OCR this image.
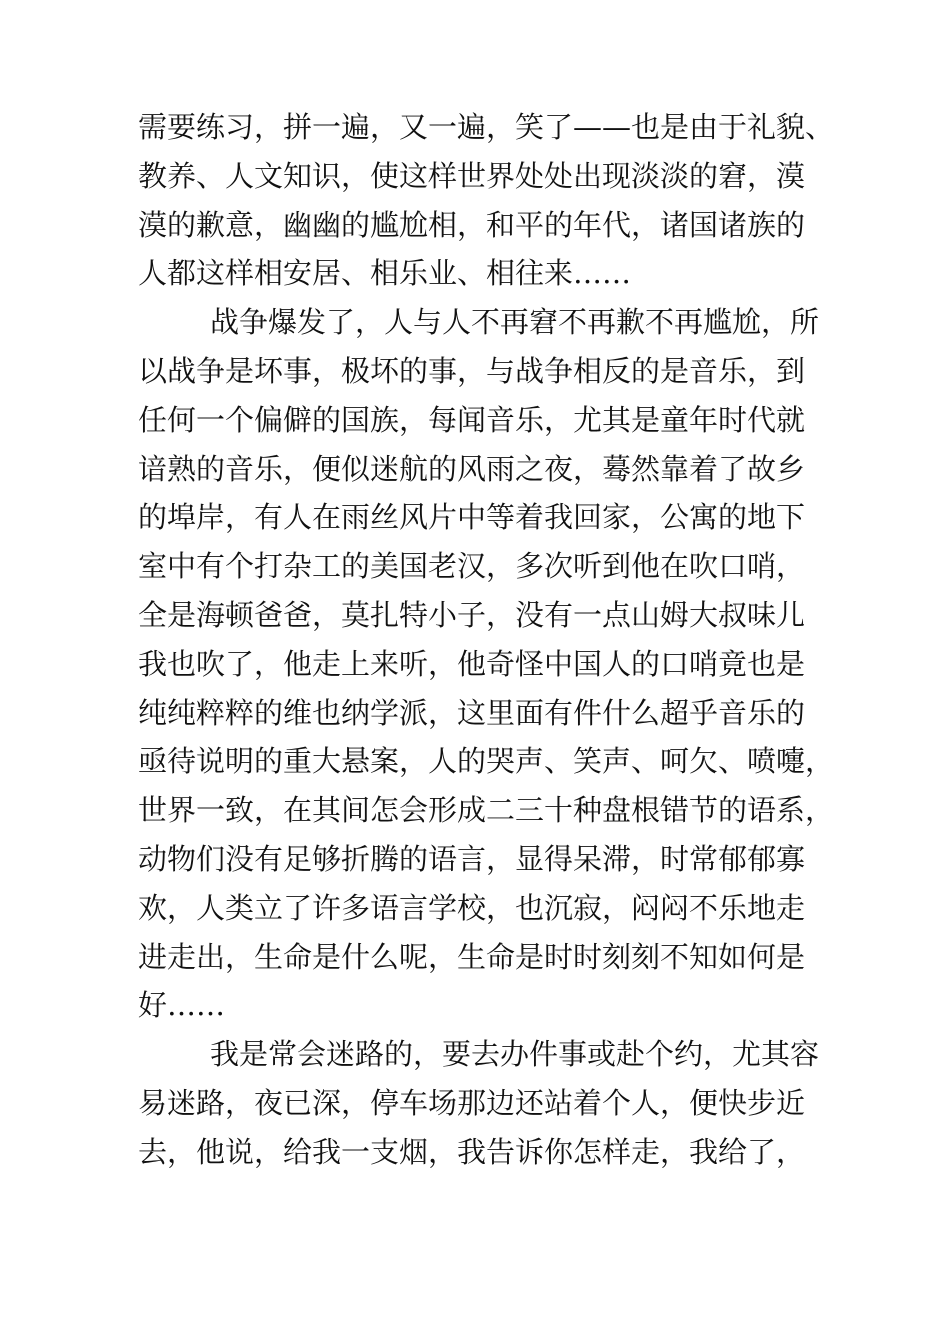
需要练习，拼一遍，又一遍，笑了——也是由于礼貌、
教养、人文知识，使这样世界处处出现淡淡的窘，漠
漠的歉意，幽幽的尴尬相，和平的年代，诸国诸族的
人都这样相安居、相乐业、相往来……
战争爆发了，人与人不再窘不再歉不再尴尬，所
以战争是坏事，极坏的事，与战争相反的是音乐，到
任何一个偏僻的国族，每闻音乐，尤其是童年时代就
谙熟的音乐，便似迷航的风雨之夜，蓦然靠着了故乡
的埠岸，有人在雨丝风片中等着我回家，公寓的地下
室中有个打杂工的美国老汉，多次听到他在吹口哨，
全是海顿爸爸，莫扎特小子，没有一点山姆大叔味儿
我也吹了，他走上来听，他奇怪中国人的口哨竟也是
纯纯粹粹的维也纳学派，这里面有件什么超乎音乐的
亟待说明的重大悬案，人的哭声、笑声、呵欠、喷嚏，
世界一致，在其间怎会形成二三十种盘根错节的语系，
动物们没有足够折腾的语言，显得呆滞，时常郁郁寡
欢，人类立了许多语言学校，也沉寂，闷闷不乐地走
进走出，生命是什么呢，生命是时时刻刻不知如何是
好……
我是常会迷路的，要去办件事或赴个约，尤其容
易迷路，夜已深，停车场那边还站着个人，便快步近
去，他说，给我一支烟，我告诉你怎样走，我给了，
